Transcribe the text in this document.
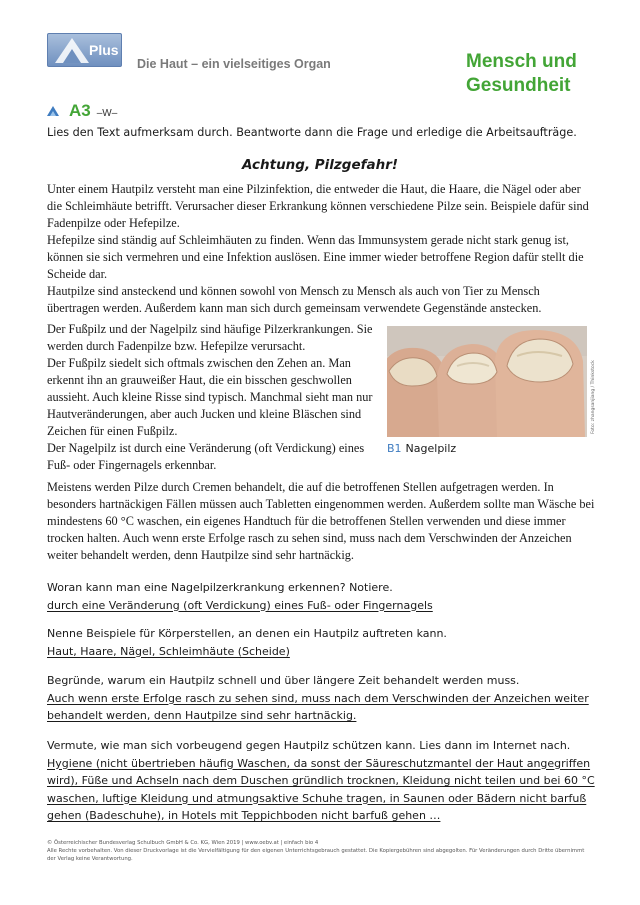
Plus
Die Haut – ein vielseitiges Organ	Mensch und Gesundheit
A3 –W–
Lies den Text aufmerksam durch. Beantworte dann die Frage und erledige die Arbeitsaufträge.
Achtung, Pilzgefahr!

Unter einem Hautpilz versteht man eine Pilzinfektion, die entweder die Haut, die Haare, die Nägel oder aber die Schleimhäute betrifft. Verursacher dieser Erkrankung können verschiedene Pilze sein. Beispiele dafür sind Fadenpilze oder Hefepilze.

Hefepilze sind ständig auf Schleimhäuten zu finden. Wenn das Immunsystem gerade nicht stark genug ist, können sie sich vermehren und eine Infektion auslösen. Eine immer wieder betroffene Region dafür stellt die Scheide dar.

Hautpilze sind ansteckend und können sowohl von Mensch zu Mensch als auch von Tier zu Mensch übertragen werden. Außerdem kann man sich durch gemeinsam verwendete Gegenstände anstecken.

Der Fußpilz und der Nagelpilz sind häufige Pilzerkrankungen. Sie werden durch Fadenpilze bzw. Hefepilze verursacht.

Der Fußpilz siedelt sich oftmals zwischen den Zehen an. Man erkennt ihn an grauweißer Haut, die ein bisschen geschwollen aussieht. Auch kleine Risse sind typisch. Manchmal sieht man nur Hautveränderungen, aber auch Jucken und kleine Bläschen sind Zeichen für einen Fußpilz.

Der Nagelpilz ist durch eine Veränderung (oft Verdickung) eines Fuß- oder Fingernagels erkennbar.

Foto: zhangsanjiang / Thinkstock
B1 Nagelpilz
Meistens werden Pilze durch Cremen behandelt, die auf die betroffenen Stellen aufgetragen werden. In besonders hartnäckigen Fällen müssen auch Tabletten eingenommen werden. Außerdem sollte man Wäsche bei mindestens 60 °C waschen, ein eigenes Handtuch für die betroffenen Stellen verwenden und diese immer trocken halten. Auch wenn erste Erfolge rasch zu sehen sind, muss nach dem Verschwinden der Anzeichen weiter behandelt werden, denn Hautpilze sind sehr hartnäckig.

Woran kann man eine Nagelpilzerkrankung erkennen? Notiere.

durch eine Veränderung (oft Verdickung) eines Fuß- oder Fingernagels

Nenne Beispiele für Körperstellen, an denen ein Hautpilz auftreten kann.

Haut, Haare, Nägel, Schleimhäute (Scheide)

Begründe, warum ein Hautpilz schnell und über längere Zeit behandelt werden muss.

Auch wenn erste Erfolge rasch zu sehen sind, muss nach dem Verschwinden der Anzeichen weiter behandelt werden, denn Hautpilze sind sehr hartnäckig.

Vermute, wie man sich vorbeugend gegen Hautpilz schützen kann. Lies dann im Internet nach.

Hygiene (nicht übertrieben häufig Waschen, da sonst der Säureschutzmantel der Haut angegriffen wird), Füße und Achseln nach dem Duschen gründlich trocknen, Kleidung nicht teilen und bei 60 °C waschen, luftige Kleidung und atmungsaktive Schuhe tragen, in Saunen oder Bädern nicht barfuß gehen (Badeschuhe), in Hotels mit Teppichboden nicht barfuß gehen …

© Österreichischer Bundesverlag Schulbuch GmbH & Co. KG, Wien 2019 | www.oebv.at | einfach bio 4

Alle Rechte vorbehalten. Von dieser Druckvorlage ist die Vervielfältigung für den eigenen Unterrichtsgebrauch gestattet. Die Kopiergebühren sind abgegolten. Für Veränderungen durch Dritte übernimmt der Verlag keine Verantwortung.
